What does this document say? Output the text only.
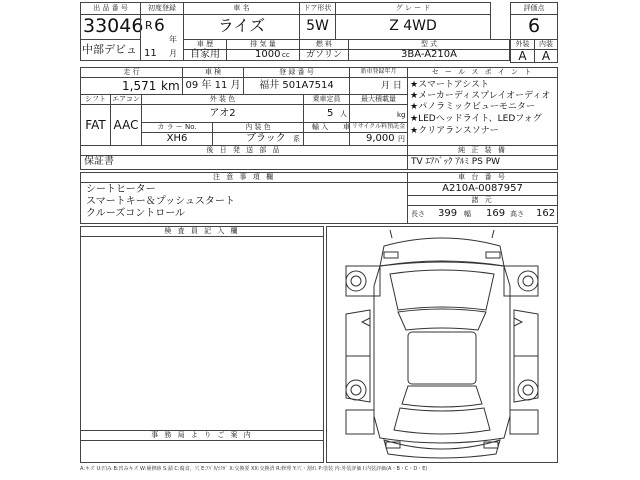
出 品 番 号
33046
中部デビュ
初度登録
R 6
年
11 月
車 名
ライズ
ドア形状
5W
グ レ ー ド
Z 4WD
評価点
6
車 歴
自家用
排 気 量
1000 cc
燃 料
ガソリン
型 式
3BA-A210A
外装	内装
A	A
走 行
1,571 km
車 検
09 年 11 月
登 録 番 号
福井 501A7514
新車登録年月
月 日
シフト エアコン
FAT AAC
外 装 色
アオ2
乗車定員
5 人
最大積載量
kg
カ ラ ー No.	内 装 色
XH6	ブラック 系
輸 入 車 リサイクル料預託金
9,000 円
後 日 発 送 部 品
保証書
セ ー ル ス ポ イ ン ト
★スマートアシスト
★メーカーディスプレイオーディオ
★パノラミックビューモニター
★LEDヘッドライト、LEDフォグ
★クリアランスソナー
純 正 装 備
TV ｴｱﾊﾞｯｸ ｱﾙﾐ PS PW
注 意 事 項 欄
シートヒーター
スマートキー＆プッシュスタート
クルーズコントロール
車 台 番 号
A210A-0087957
諸 元
長さ 399 幅 169 高さ 162
検 査 員 記 入 欄
事 務 局 よ り ご 案 内
A:キズ U:凹み B:凹みキズ W:補修跡 S:錆 C:腐食、穴 E:ｱﾊﾞﾀ/ｴｸﾎﾞ X:交換要 XX:交換済 R:修理 Y:穴・割れ P:塗装 内:外装評価 I:内装評価(A・B・C・D・E)
